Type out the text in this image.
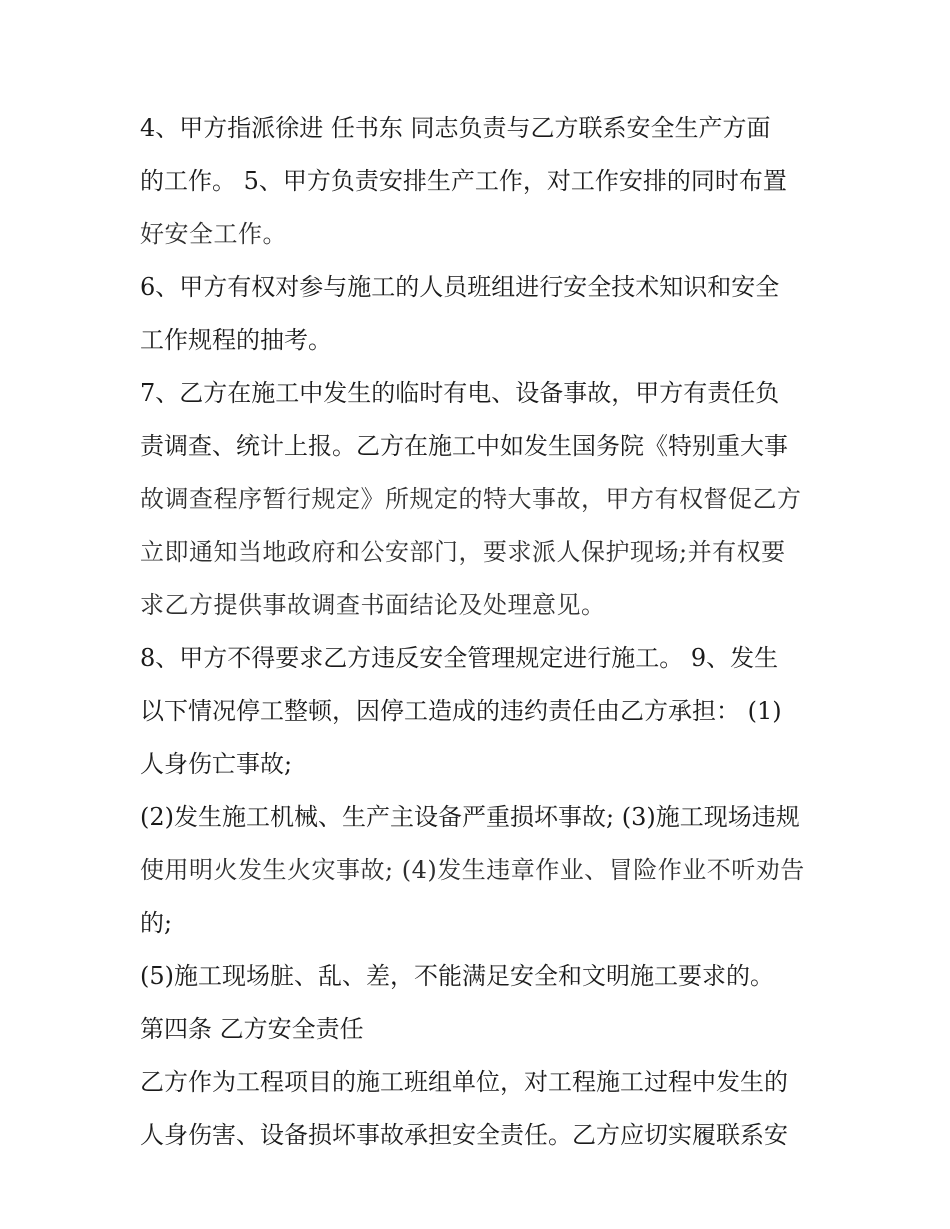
4、甲方指派徐进 任书东 同志负责与乙方联系安全生产方面
的工作。 5、甲方负责安排生产工作，对工作安排的同时布置
好安全工作。
6、甲方有权对参与施工的人员班组进行安全技术知识和安全
工作规程的抽考。
7、乙方在施工中发生的临时有电、设备事故，甲方有责任负
责调查、统计上报。乙方在施工中如发生国务院《特别重大事
故调查程序暂行规定》所规定的特大事故，甲方有权督促乙方
立即通知当地政府和公安部门，要求派人保护现场;并有权要
求乙方提供事故调查书面结论及处理意见。
8、甲方不得要求乙方违反安全管理规定进行施工。 9、发生
以下情况停工整顿，因停工造成的违约责任由乙方承担： (1)
人身伤亡事故;
(2)发生施工机械、生产主设备严重损坏事故; (3)施工现场违规
使用明火发生火灾事故; (4)发生违章作业、冒险作业不听劝告
的;
(5)施工现场脏、乱、差，不能满足安全和文明施工要求的。
第四条 乙方安全责任
乙方作为工程项目的施工班组单位，对工程施工过程中发生的
人身伤害、设备损坏事故承担安全责任。乙方应切实履联系安
